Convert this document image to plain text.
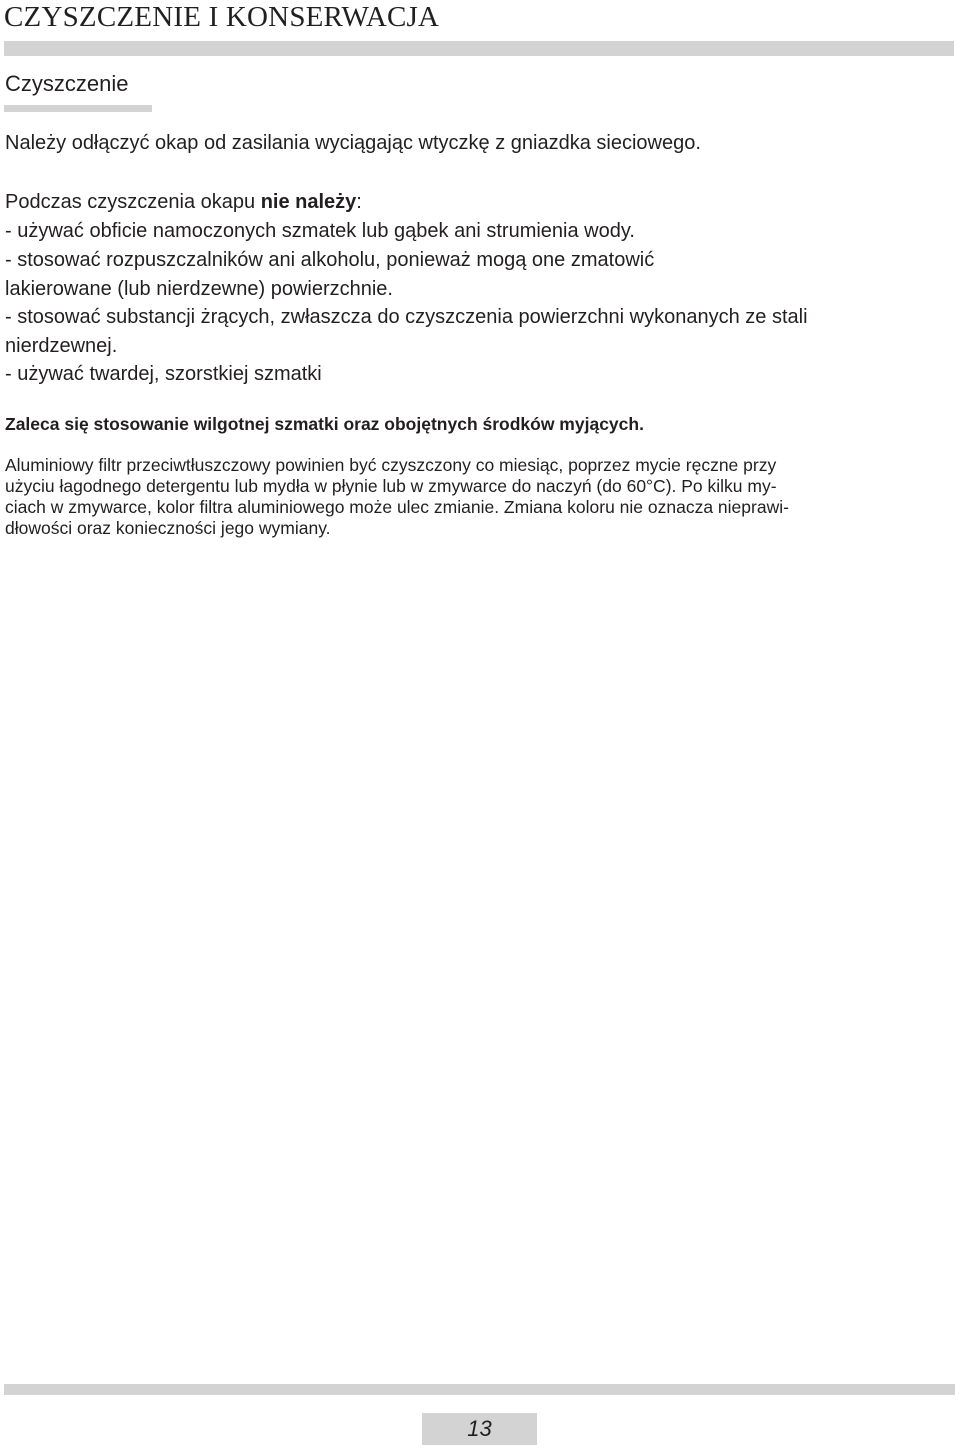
CZYSZCZENIE I KONSERWACJA
Czyszczenie
Należy odłączyć okap od zasilania wyciągając wtyczkę z gniazdka sieciowego.
Podczas czyszczenia okapu nie należy:
- używać obficie namoczonych szmatek lub gąbek ani strumienia wody.
- stosować rozpuszczalników ani alkoholu, ponieważ mogą one zmatowić
lakierowane (lub nierdzewne) powierzchnie.
- stosować substancji żrących, zwłaszcza do czyszczenia powierzchni wykonanych ze stali
nierdzewnej.
- używać twardej, szorstkiej szmatki
Zaleca się stosowanie wilgotnej szmatki oraz obojętnych środków myjących.
Aluminiowy filtr przeciwtłuszczowy powinien być czyszczony co miesiąc, poprzez mycie ręczne przy
użyciu łagodnego detergentu lub mydła w płynie lub w zmywarce do naczyń (do 60°C). Po kilku my-
ciach w zmywarce, kolor filtra aluminiowego może ulec zmianie. Zmiana koloru nie oznacza nieprawi-
dłowości oraz konieczności jego wymiany.
13
